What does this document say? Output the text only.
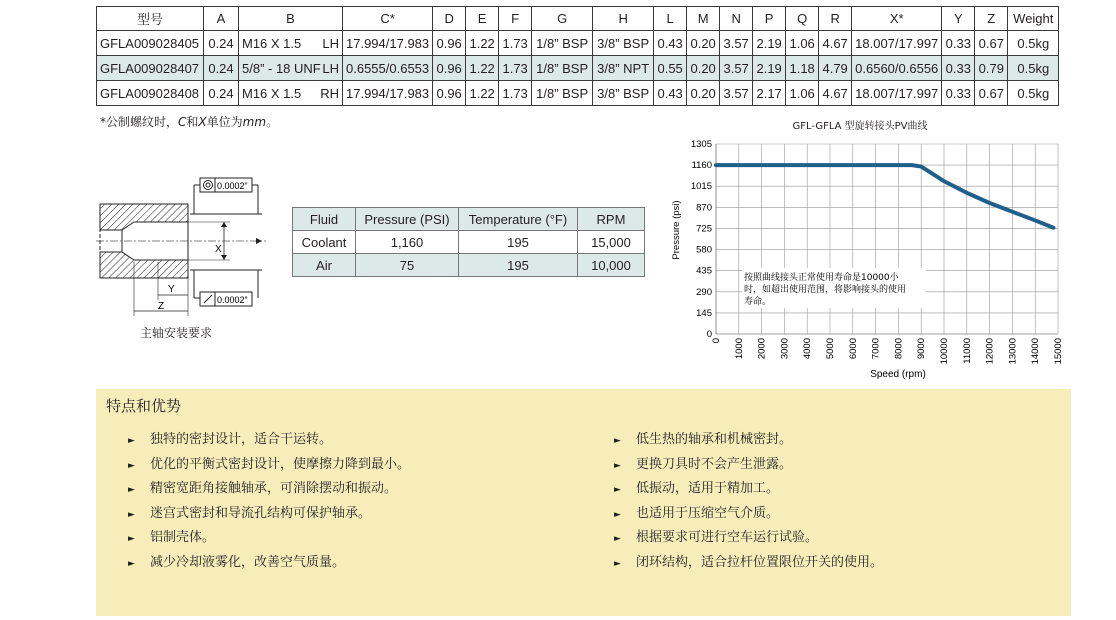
型号	A	B	C*	D	E	F	G	H	L	M	N	P	Q	R	X*	Y	Z	Weight
GFLA009028405	0.24	M16 X 1.5 LH	17.994/17.983	0.96	1.22	1.73	1/8” BSP	3/8” BSP	0.43	0.20	3.57	2.19	1.06	4.67	18.007/17.997	0.33	0.67	0.5kg
GFLA009028407	0.24	5/8” - 18 UNF LH	0.6555/0.6553	0.96	1.22	1.73	1/8” BSP	3/8” NPT	0.55	0.20	3.57	2.19	1.18	4.79	0.6560/0.6556	0.33	0.79	0.5kg
GFLA009028408	0.24	M16 X 1.5 RH	17.994/17.983	0.96	1.22	1.73	1/8” BSP	3/8” BSP	0.43	0.20	3.57	2.17	1.06	4.67	18.007/17.997	0.33	0.67	0.5kg
*公制螺纹时，C和X单位为mm。
0.0002”
X
0.0002”
Y
Z
主轴安装要求
Fluid	Pressure (PSI)	Temperature (°F)	RPM
Coolant	1,160	195	15,000
Air	75	195	10,000
GFL-GFLA 型旋转接头PV曲线
0
145
290
435
580
725
870
1015
1160
1305
0 1000 2000 3000 4000 5000 6000 7000 8000 9000 10000 11000 12000 13000 14000 15000
Pressure (psi)
Speed (rpm)
按照曲线接头正常使用寿命是10000小
时，如超出使用范围，将影响接头的使用
寿命。
特点和优势
► 独特的密封设计，适合干运转。
► 优化的平衡式密封设计，使摩擦力降到最小。
► 精密宽距角接触轴承，可消除摆动和振动。
► 迷宫式密封和导流孔结构可保护轴承。
► 铝制壳体。
► 减少冷却液雾化，改善空气质量。
► 低生热的轴承和机械密封。
► 更换刀具时不会产生泄露。
► 低振动，适用于精加工。
► 也适用于压缩空气介质。
► 根据要求可进行空车运行试验。
► 闭环结构，适合拉杆位置限位开关的使用。
